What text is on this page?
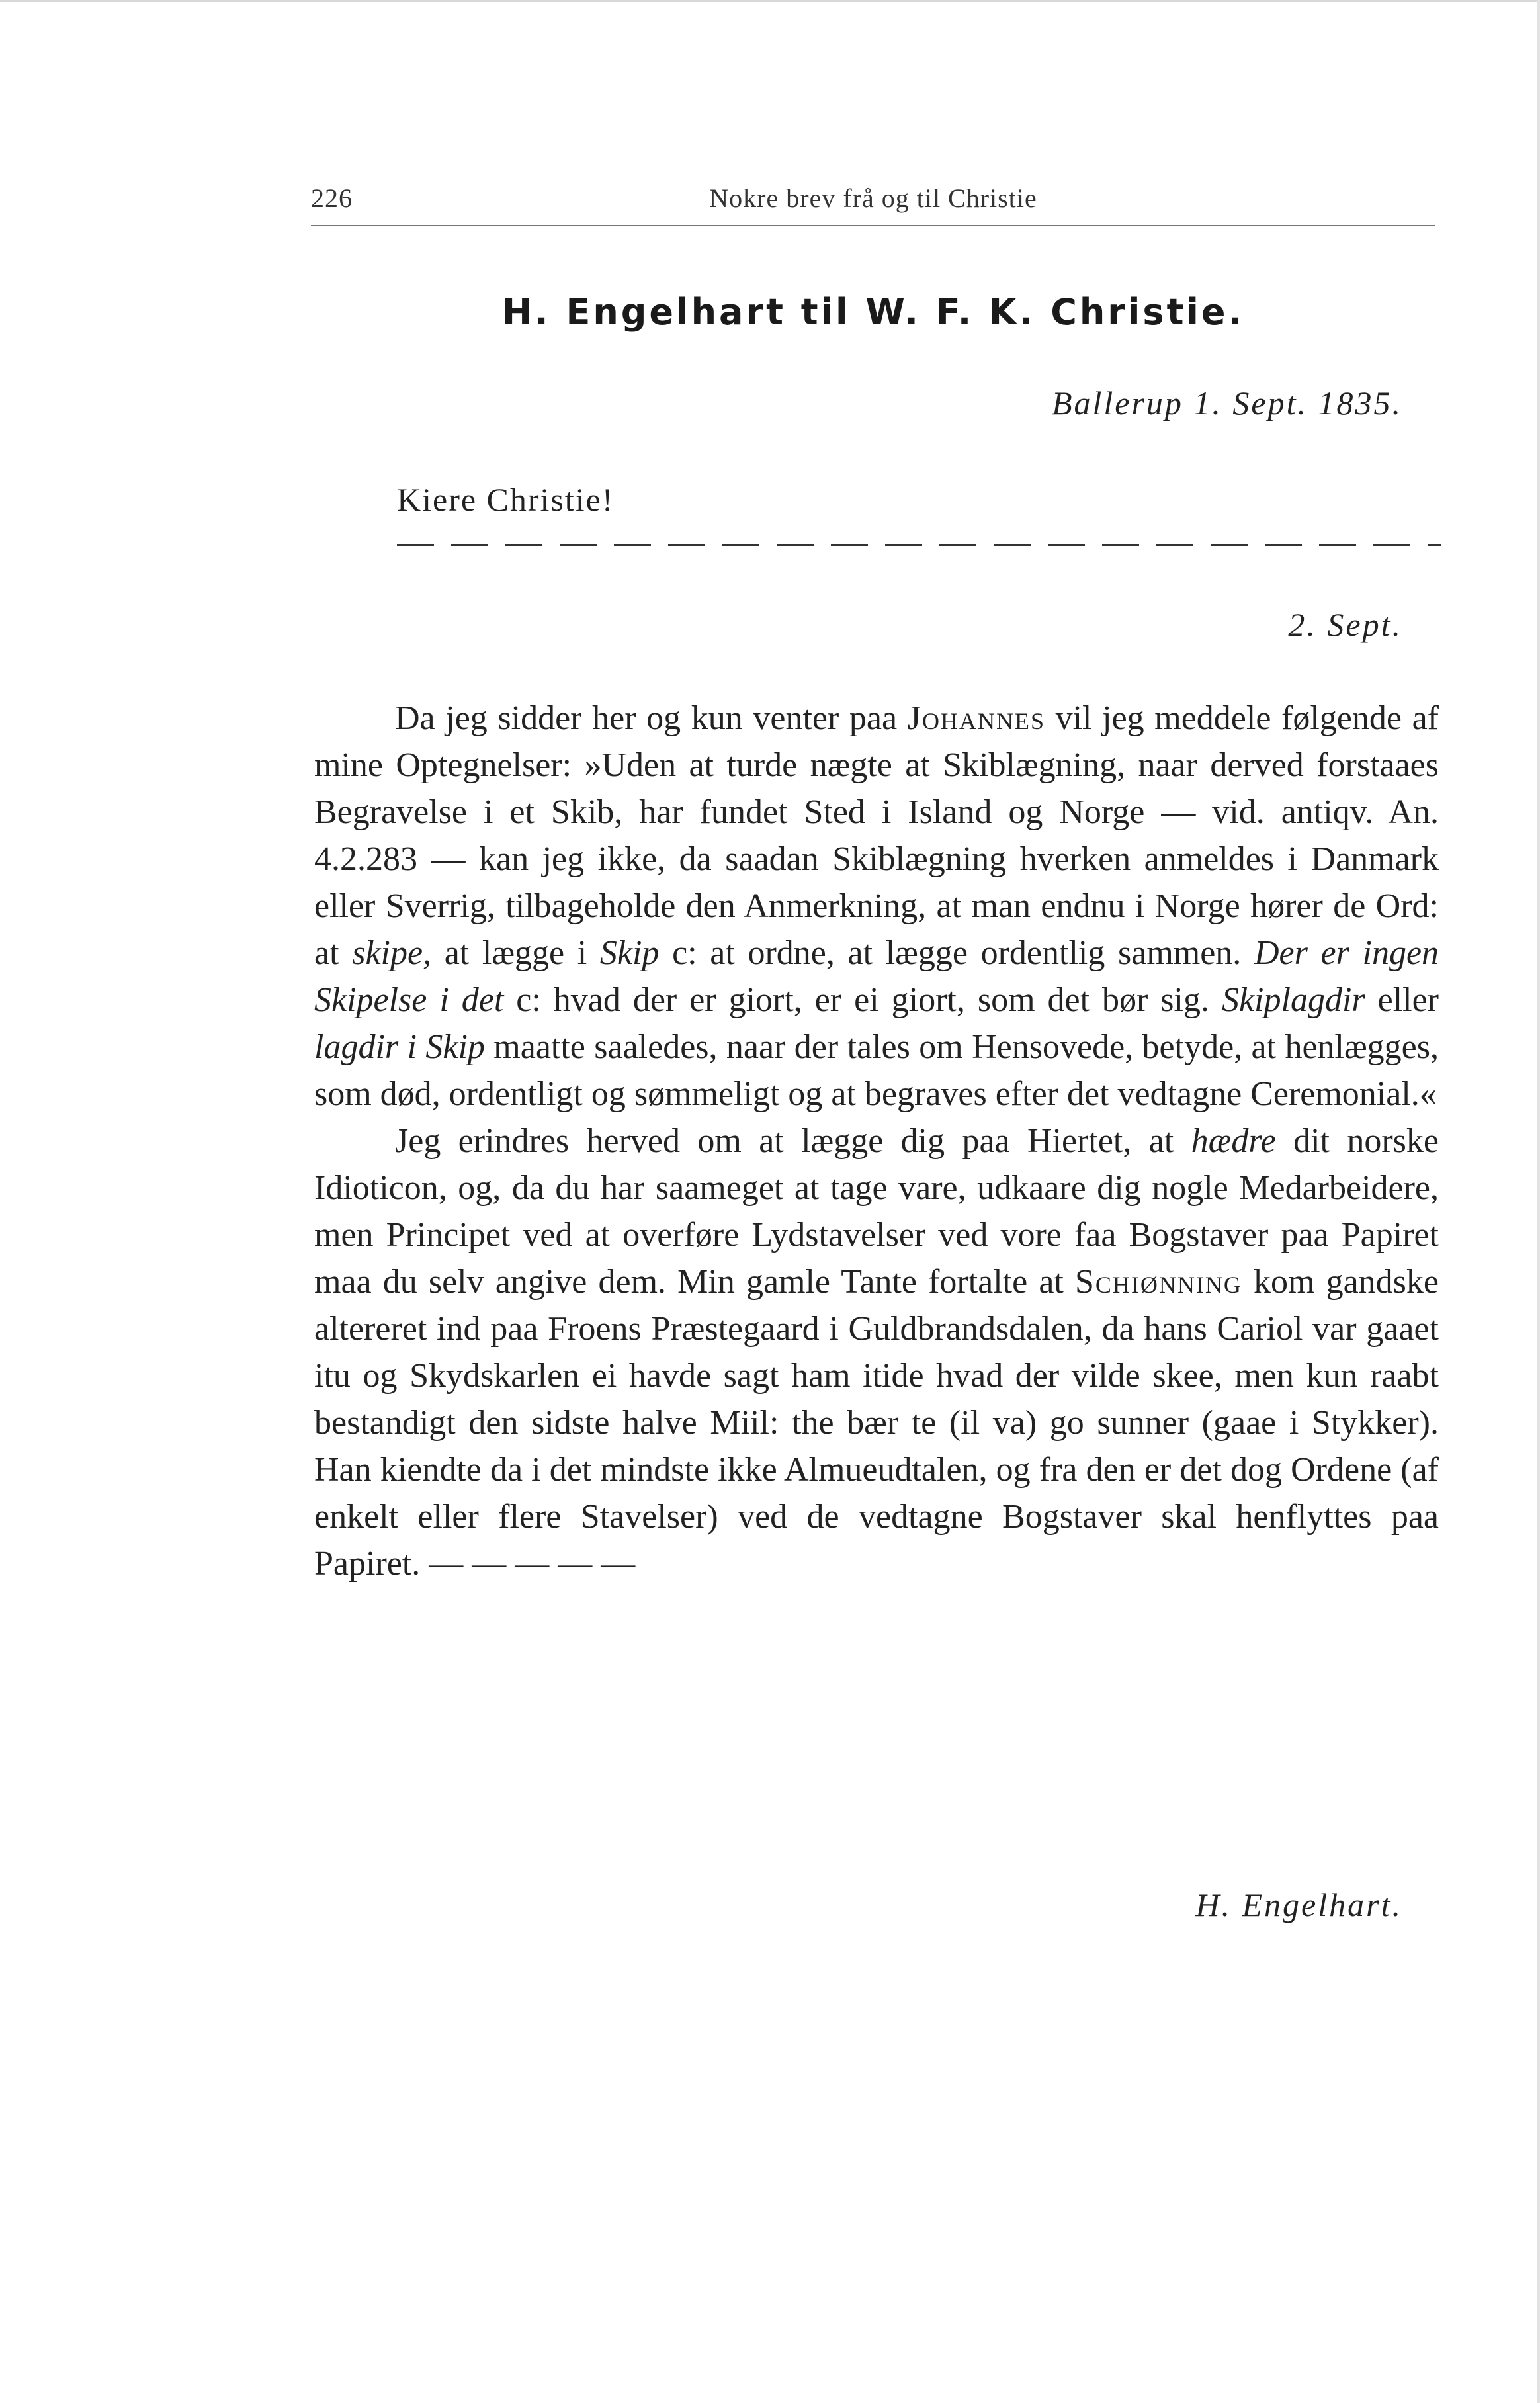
226	Nokre brev frå og til Christie
H. Engelhart til W. F. K. Christie.
Ballerup 1. Sept. 1835.
Kiere Christie!
2. Sept.

Da jeg sidder her og kun venter paa Johannes vil jeg meddele følgende af mine Optegnelser: »Uden at turde nægte at Skiblægning, naar derved forstaaes Begravelse i et Skib, har fundet Sted i Island og Norge — vid. antiqv. An. 4.2.283 — kan jeg ikke, da saadan Skiblægning hverken anmeldes i Danmark eller Sverrig, tilbageholde den Anmerkning, at man endnu i Norge hører de Ord: at skipe, at lægge i Skip c: at ordne, at lægge ordentlig sammen. Der er ingen Skipelse i det c: hvad der er giort, er ei giort, som det bør sig. Skiplagdir eller lagdir i Skip maatte saaledes, naar der tales om Hensovede, betyde, at henlægges, som død, ordentligt og sømmeligt og at begraves efter det vedtagne Ceremonial.«

Jeg erindres herved om at lægge dig paa Hiertet, at hædre dit norske Idioticon, og, da du har saameget at tage vare, udkaare dig nogle Medarbeidere, men Principet ved at overføre Lydstavelser ved vore faa Bogstaver paa Papiret maa du selv angive dem. Min gamle Tante fortalte at Schiønning kom gandske altereret ind paa Froens Præstegaard i Guldbrandsdalen, da hans Cariol var gaaet itu og Skydskarlen ei havde sagt ham itide hvad der vilde skee, men kun raabt bestandigt den sidste halve Miil: the bær te (il va) go sunner (gaae i Stykker). Han kiendte da i det mindste ikke Almueudtalen, og fra den er det dog Ordene (af enkelt eller flere Stavelser) ved de vedtagne Bogstaver skal henflyttes paa Papiret. — — — — —

H. Engelhart.
